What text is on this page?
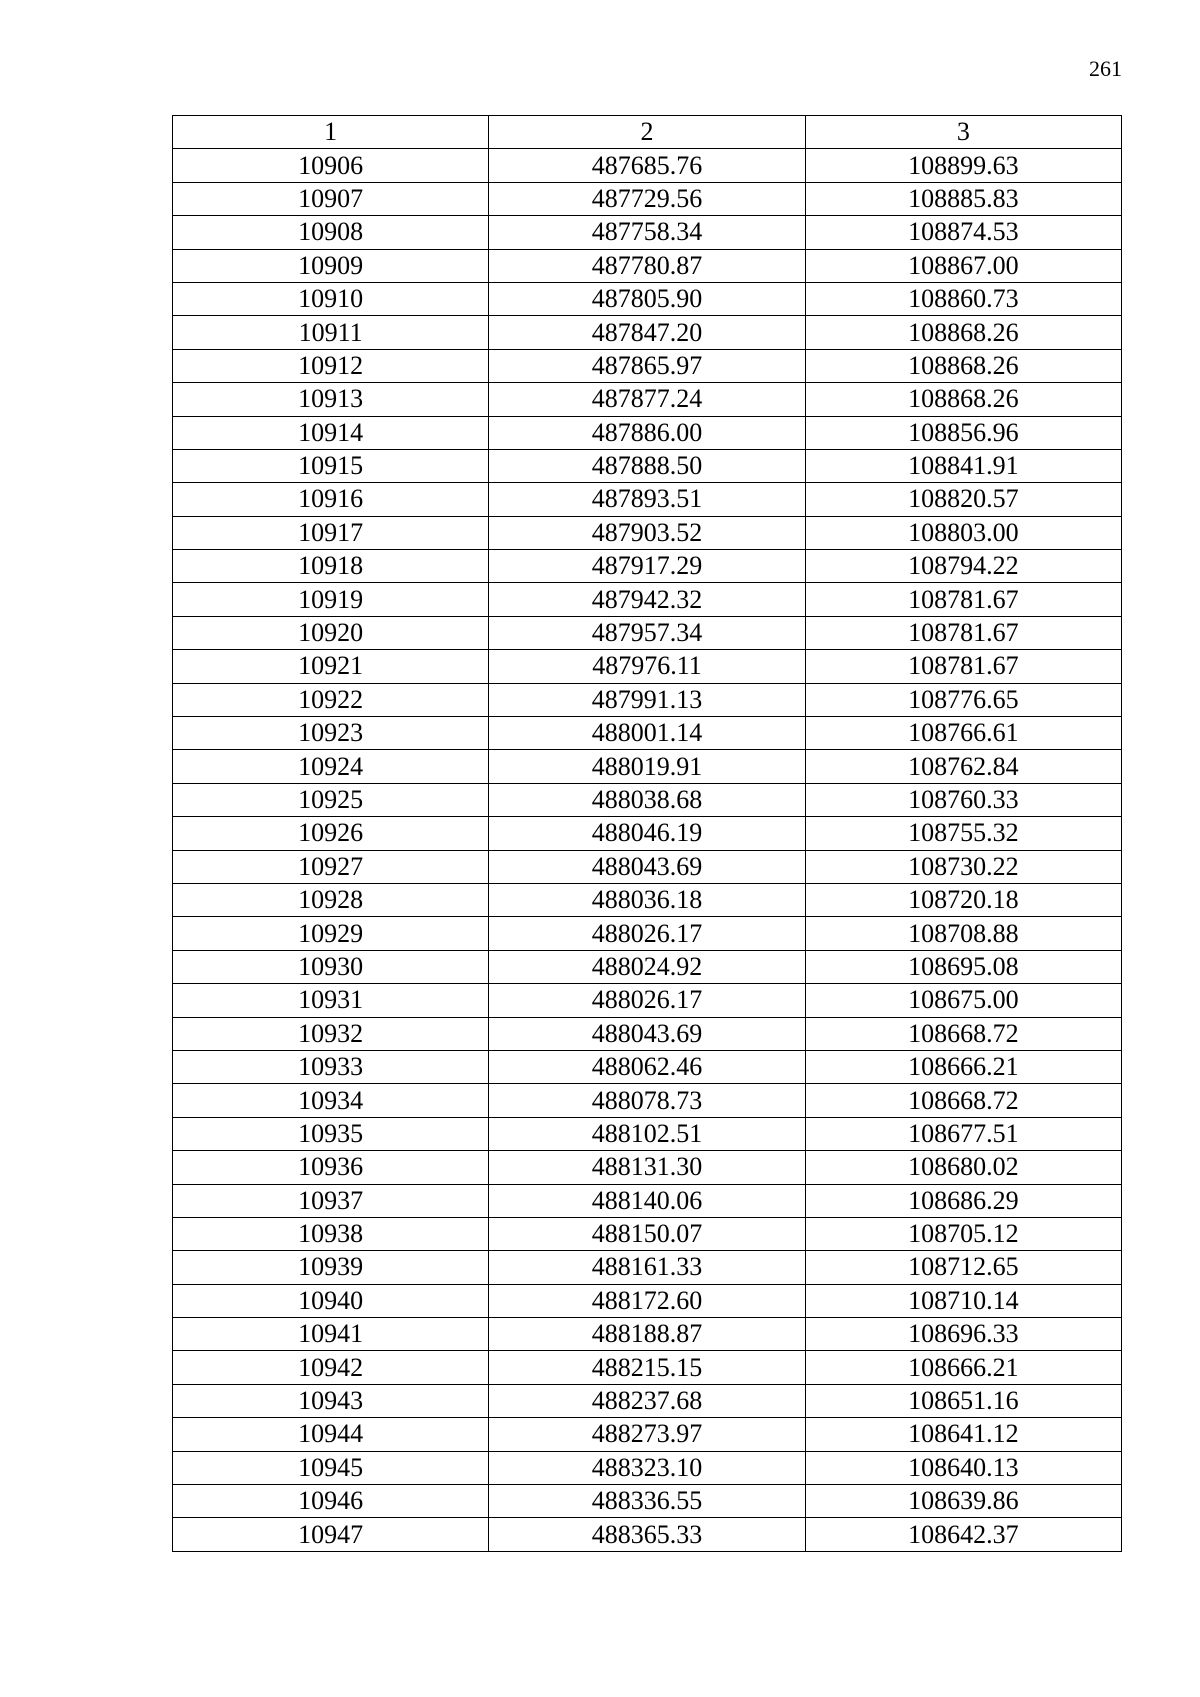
261
1	2	3
10906	487685.76	108899.63
10907	487729.56	108885.83
10908	487758.34	108874.53
10909	487780.87	108867.00
10910	487805.90	108860.73
10911	487847.20	108868.26
10912	487865.97	108868.26
10913	487877.24	108868.26
10914	487886.00	108856.96
10915	487888.50	108841.91
10916	487893.51	108820.57
10917	487903.52	108803.00
10918	487917.29	108794.22
10919	487942.32	108781.67
10920	487957.34	108781.67
10921	487976.11	108781.67
10922	487991.13	108776.65
10923	488001.14	108766.61
10924	488019.91	108762.84
10925	488038.68	108760.33
10926	488046.19	108755.32
10927	488043.69	108730.22
10928	488036.18	108720.18
10929	488026.17	108708.88
10930	488024.92	108695.08
10931	488026.17	108675.00
10932	488043.69	108668.72
10933	488062.46	108666.21
10934	488078.73	108668.72
10935	488102.51	108677.51
10936	488131.30	108680.02
10937	488140.06	108686.29
10938	488150.07	108705.12
10939	488161.33	108712.65
10940	488172.60	108710.14
10941	488188.87	108696.33
10942	488215.15	108666.21
10943	488237.68	108651.16
10944	488273.97	108641.12
10945	488323.10	108640.13
10946	488336.55	108639.86
10947	488365.33	108642.37
